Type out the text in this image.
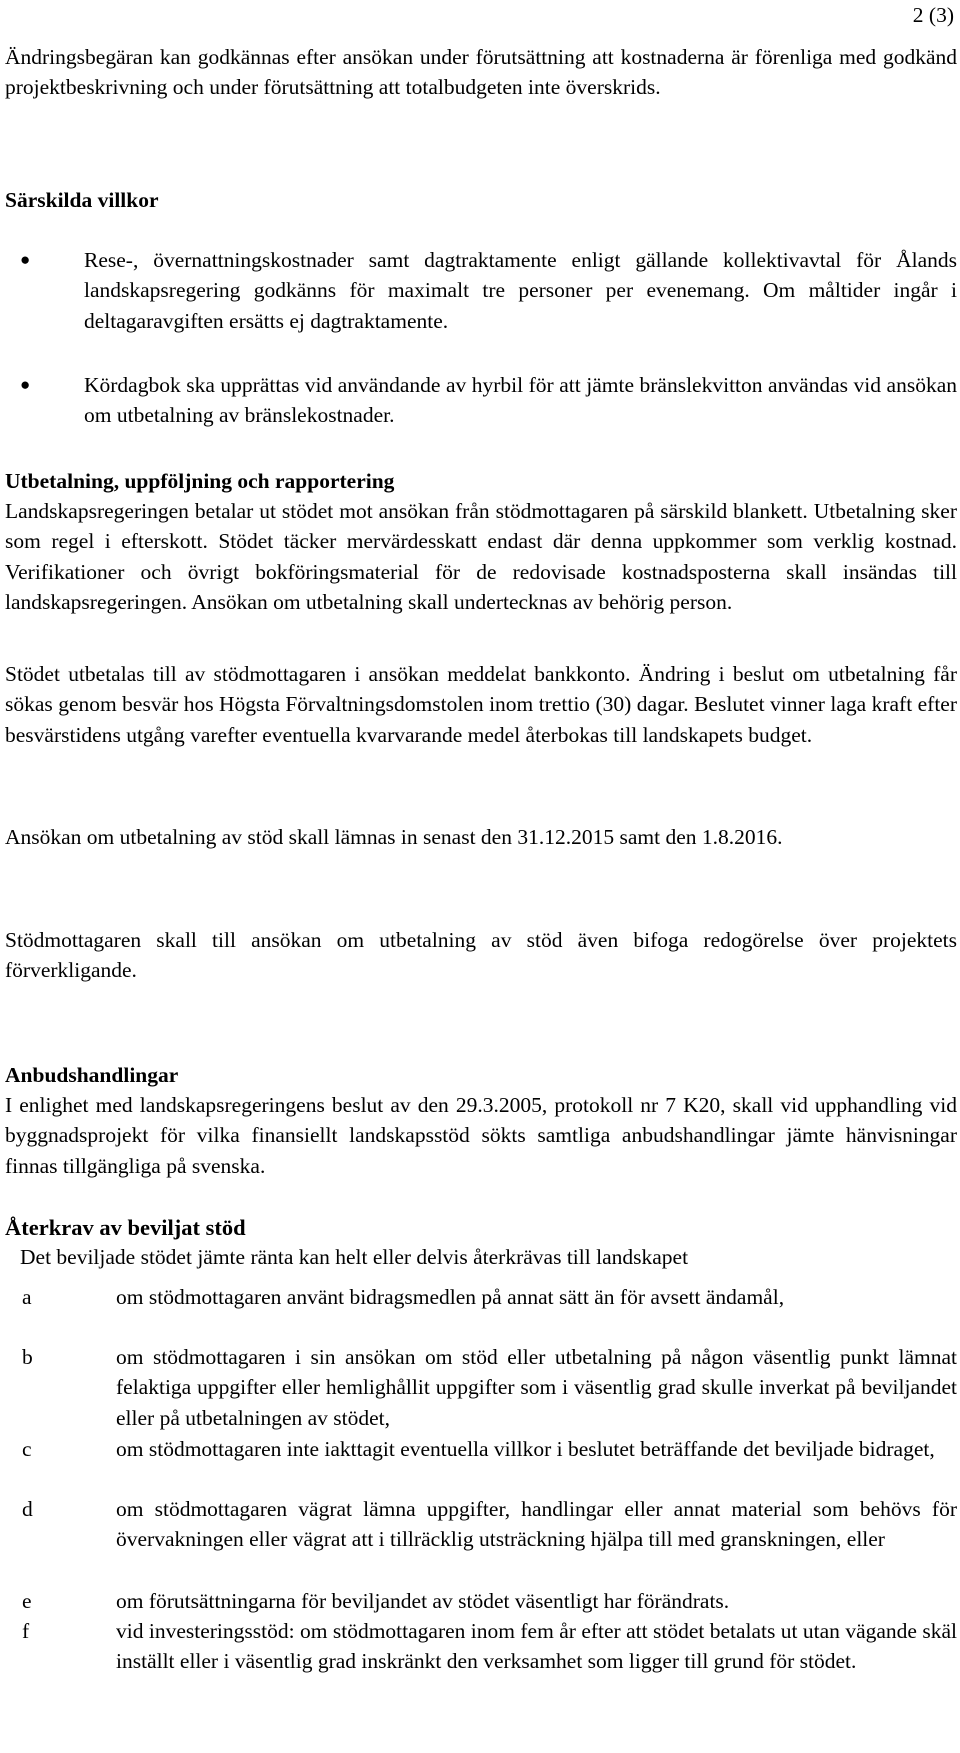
2 (3)

Ändringsbegäran kan godkännas efter ansökan under förutsättning att kostnaderna är förenliga med godkänd projektbeskrivning och under förutsättning att totalbudgeten inte överskrids.

Särskilda villkor
● Rese-, övernattningskostnader samt dagtraktamente enligt gällande kollektivavtal för Ålands landskapsregering godkänns för maximalt tre personer per evenemang. Om måltider ingår i deltagaravgiften ersätts ej dagtraktamente.

● Kördagbok ska upprättas vid användande av hyrbil för att jämte bränslekvitton användas vid ansökan om utbetalning av bränslekostnader.

Utbetalning, uppföljning och rapportering

Landskapsregeringen betalar ut stödet mot ansökan från stödmottagaren på särskild blankett. Utbetalning sker som regel i efterskott. Stödet täcker mervärdesskatt endast där denna uppkommer som verklig kostnad. Verifikationer och övrigt bokföringsmaterial för de redovisade kostnadsposterna skall insändas till landskapsregeringen. Ansökan om utbetalning skall undertecknas av behörig person.

Stödet utbetalas till av stödmottagaren i ansökan meddelat bankkonto. Ändring i beslut om utbetalning får sökas genom besvär hos Högsta Förvaltningsdomstolen inom trettio (30) dagar. Beslutet vinner laga kraft efter besvärstidens utgång varefter eventuella kvarvarande medel återbokas till landskapets budget.

Ansökan om utbetalning av stöd skall lämnas in senast den 31.12.2015 samt den 1.8.2016.

Stödmottagaren skall till ansökan om utbetalning av stöd även bifoga redogörelse över projektets förverkligande.

Anbudshandlingar

I enlighet med landskapsregeringens beslut av den 29.3.2005, protokoll nr 7 K20, skall vid upphandling vid byggnadsprojekt för vilka finansiellt landskapsstöd sökts samtliga anbudshandlingar jämte hänvisningar finnas tillgängliga på svenska.

Återkrav av beviljat stöd

Det beviljade stödet jämte ränta kan helt eller delvis återkrävas till landskapet

a	om stödmottagaren använt bidragsmedlen på annat sätt än för avsett ändamål,

b	om stödmottagaren i sin ansökan om stöd eller utbetalning på någon väsentlig punkt lämnat felaktiga uppgifter eller hemlighållit uppgifter som i väsentlig grad skulle inverkat på beviljandet eller på utbetalningen av stödet,

c	om stödmottagaren inte iakttagit eventuella villkor i beslutet beträffande det beviljade bidraget,

d	om stödmottagaren vägrat lämna uppgifter, handlingar eller annat material som behövs för övervakningen eller vägrat att i tillräcklig utsträckning hjälpa till med granskningen, eller

e	om förutsättningarna för beviljandet av stödet väsentligt har förändrats.

f	vid investeringsstöd: om stödmottagaren inom fem år efter att stödet betalats ut utan vägande skäl inställt eller i väsentlig grad inskränkt den verksamhet som ligger till grund för stödet.
